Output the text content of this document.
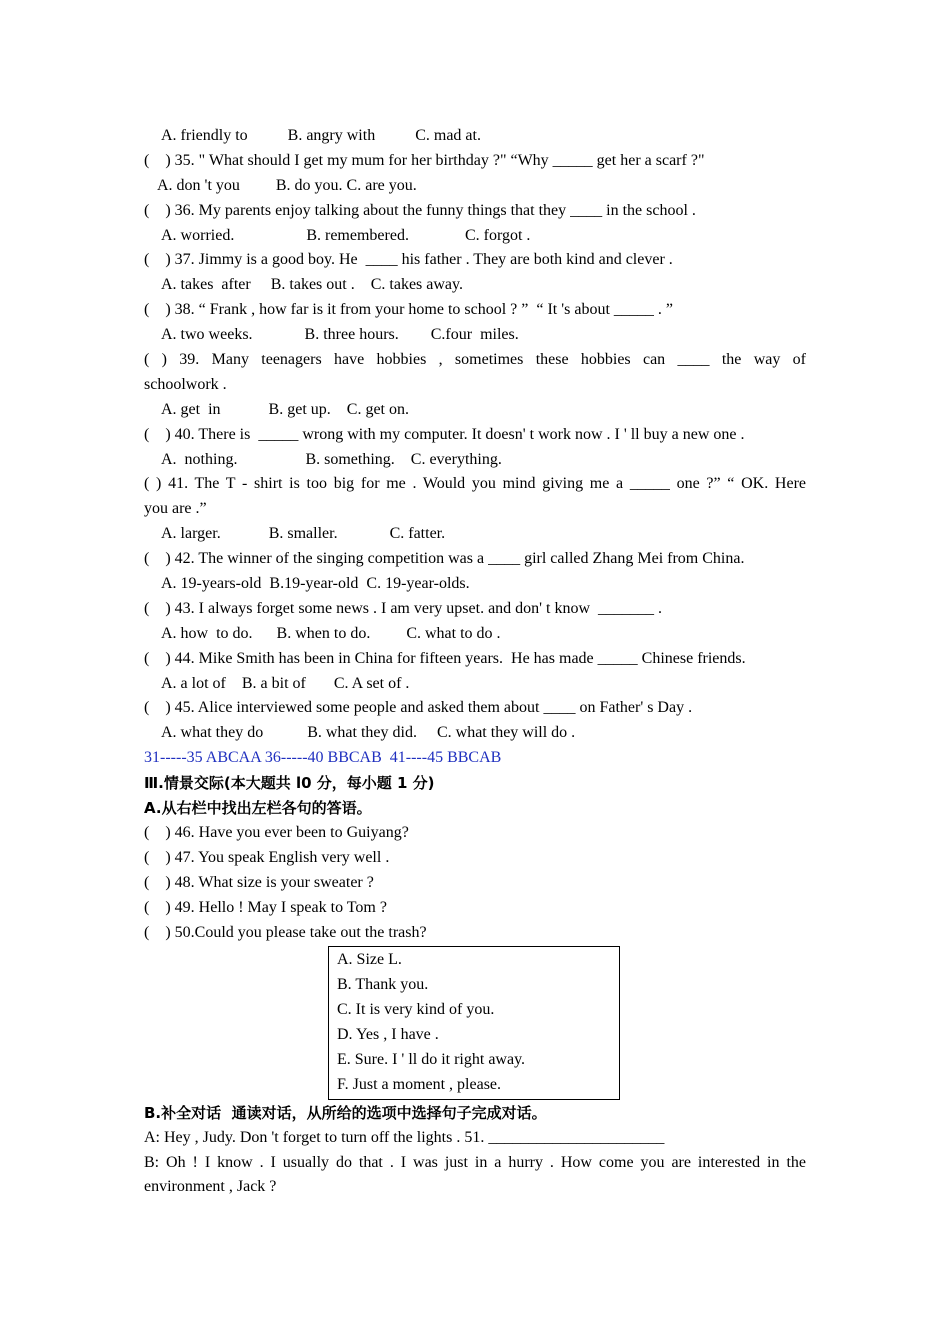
A. friendly to          B. angry with          C. mad at.
(    ) 35. " What should I get my mum for her birthday ?" “Why _____ get her a scarf ?"
A. don 't you         B. do you. C. are you.
(    ) 36. My parents enjoy talking about the funny things that they ____ in the school .
A. worried.                  B. remembered.              C. forgot .
(    ) 37. Jimmy is a good boy. He  ____ his father . They are both kind and clever .
A. takes  after     B. takes out .    C. takes away.
(    ) 38. “ Frank , how far is it from your home to school ? ”  “ It 's about _____ . ”
A. two weeks.             B. three hours.        C.four  miles.
( ) 39. Many teenagers have hobbies , sometimes these hobbies can ____ the way of
schoolwork .
A. get  in            B. get up.    C. get on.
(    ) 40. There is  _____ wrong with my computer. It doesn' t work now . I ' ll buy a new one .
A.  nothing.                 B. something.    C. everything.
( ) 41. The T - shirt is too big for me . Would you mind giving me a _____ one ?” “ OK. Here
you are .”
A. larger.            B. smaller.             C. fatter.
(    ) 42. The winner of the singing competition was a ____ girl called Zhang Mei from China.
A. 19-years-old  B.19-year-old  C. 19-year-olds.
(    ) 43. I always forget some news . I am very upset. and don' t know  _______ .
A. how  to do.      B. when to do.         C. what to do .
(    ) 44. Mike Smith has been in China for fifteen years.  He has made _____ Chinese friends.
A. a lot of    B. a bit of       C. A set of .
(    ) 45. Alice interviewed some people and asked them about ____ on Father' s Day .
A. what they do           B. what they did.     C. what they will do .
31-----35 ABCAA 36-----40 BBCAB  41----45 BBCAB
Ⅲ.情景交际(本大题共 l0 分，每小题 1 分)
A.从右栏中找出左栏各句的答语。
(    ) 46. Have you ever been to Guiyang?
(    ) 47. You speak English very well .
(    ) 48. What size is your sweater ?
(    ) 49. Hello ! May I speak to Tom ?
(    ) 50.Could you please take out the trash?
A. Size L.
B. Thank you.
C. It is very kind of you.
D. Yes , I have .
E. Sure. I ' ll do it right away.
F. Just a moment , please.
B.补全对话  通读对话，从所给的选项中选择句子完成对话。
A: Hey , Judy. Don 't forget to turn off the lights . 51. ______________________
B: Oh ! I know . I usually do that . I was just in a hurry . How come you are interested in the environment , Jack ?
